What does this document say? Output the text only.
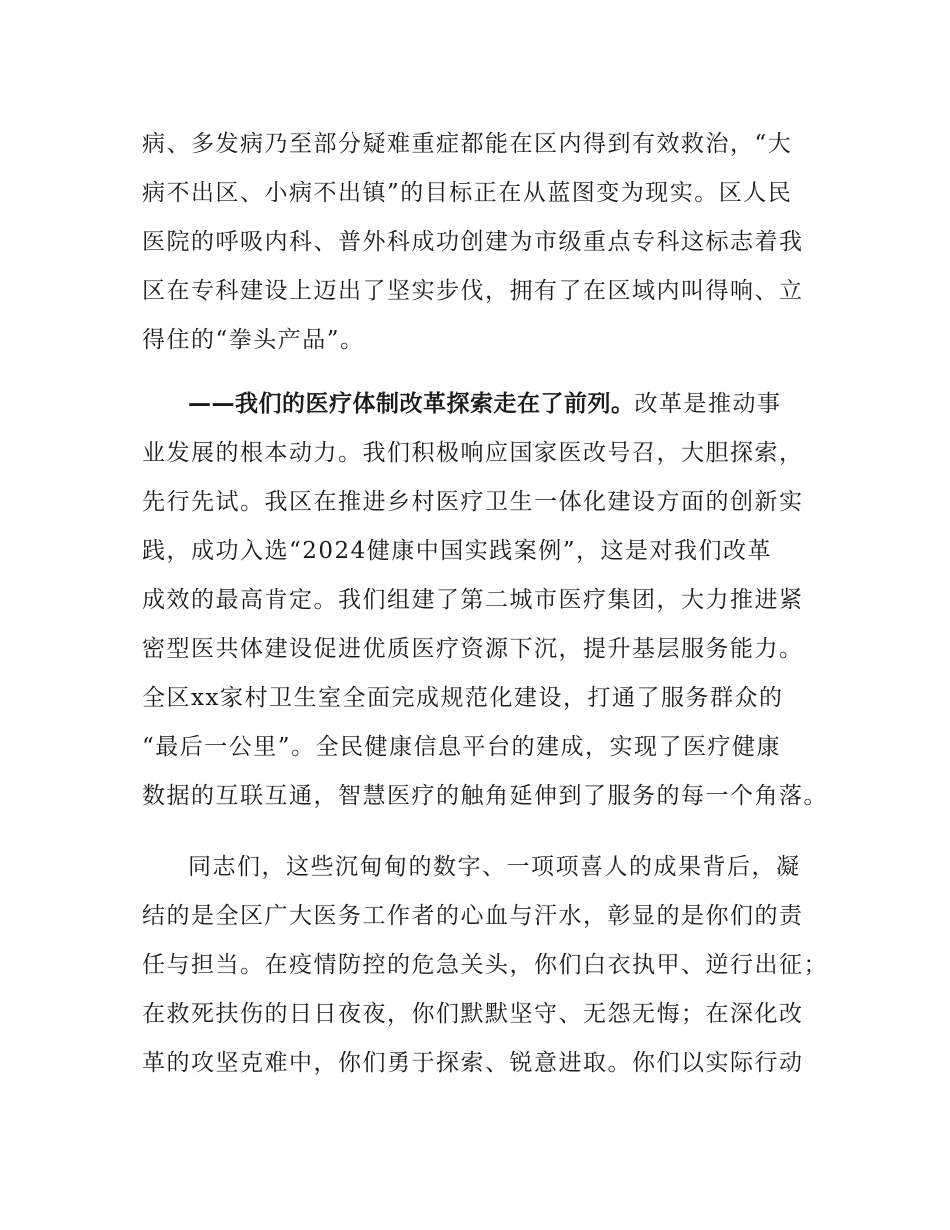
病、多发病乃至部分疑难重症都能在区内得到有效救治，“大
病不出区、小病不出镇”的目标正在从蓝图变为现实。区人民
医院的呼吸内科、普外科成功创建为市级重点专科这标志着我
区在专科建设上迈出了坚实步伐，拥有了在区域内叫得响、立
得住的“拳头产品”。
——我们的医疗体制改革探索走在了前列。改革是推动事
业发展的根本动力。我们积极响应国家医改号召，大胆探索，
先行先试。我区在推进乡村医疗卫生一体化建设方面的创新实
践，成功入选“2024健康中国实践案例”，这是对我们改革
成效的最高肯定。我们组建了第二城市医疗集团，大力推进紧
密型医共体建设促进优质医疗资源下沉，提升基层服务能力。
全区xx家村卫生室全面完成规范化建设，打通了服务群众的
“最后一公里”。全民健康信息平台的建成，实现了医疗健康
数据的互联互通，智慧医疗的触角延伸到了服务的每一个角落。
同志们，这些沉甸甸的数字、一项项喜人的成果背后，凝
结的是全区广大医务工作者的心血与汗水，彰显的是你们的责
任与担当。在疫情防控的危急关头，你们白衣执甲、逆行出征；
在救死扶伤的日日夜夜，你们默默坚守、无怨无悔；在深化改
革的攻坚克难中，你们勇于探索、锐意进取。你们以实际行动
